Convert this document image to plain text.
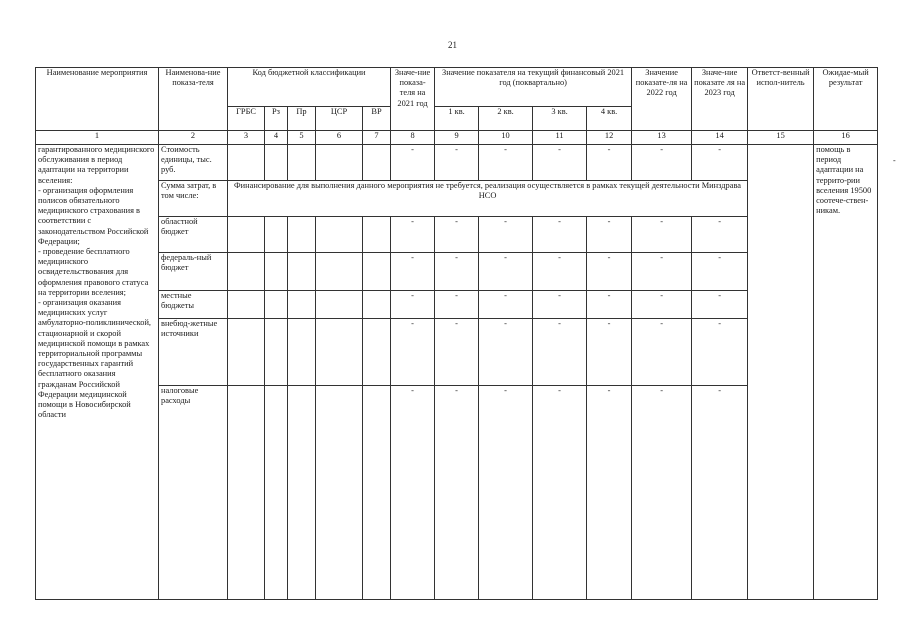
21
-
Наименование мероприятия	Наименова-ние показа-теля	Код бюджетной классификации					Значе-ние показа-теля на 2021 год	Значение показателя на текущий финансовый 2021 год (поквартально)				Значение показате-ля на 2022 год	Значе-ние показате ля на 2023 год	Ответст-венный испол-нитель	Ожидае-мый результат	
		ГРБС	Рз	Пр	ЦСР	ВР		1 кв.	2 кв.	3 кв.	4 кв.					
1	2	3	4	5	6	7	8	9	10	11	12	13	14	15	16	
гарантированного медицинского обслуживания в период адаптации на территории вселения:
- организация оформления полисов обязательного медицинского страхования в соответствии с законодательством Российской Федерации;
- проведение бесплатного медицинского освидетельствования для оформления правового статуса на территории вселения;
- организация оказания медицинских услуг амбулаторно-поликлинической, стационарной и скорой медицинской помощи в рамках территориальной программы государственных гарантий бесплатного оказания гражданам Российской Федерации медицинской помощи в Новосибирской области	Стоимость единицы, тыс. руб.						-	-	-	-	-	-	-		помощь в период адаптации на террито-рии вселения 19500 соотече-ствен-никам.	
	Сумма затрат, в том числе:	Финансирование для выполнения данного мероприятия не требуется, реализация осуществляется в рамках текущей деятельности Минздрава НСО														
	областной бюджет						-	-	-	-	-	-	-			
	федераль-ный бюджет						-	-	-	-	-	-	-			
	местные бюджеты						-	-	-	-	-	-	-			
	внебюд-жетные источники						-	-	-	-	-	-	-			
	налоговые расходы						-	-	-	-	-	-	-			
